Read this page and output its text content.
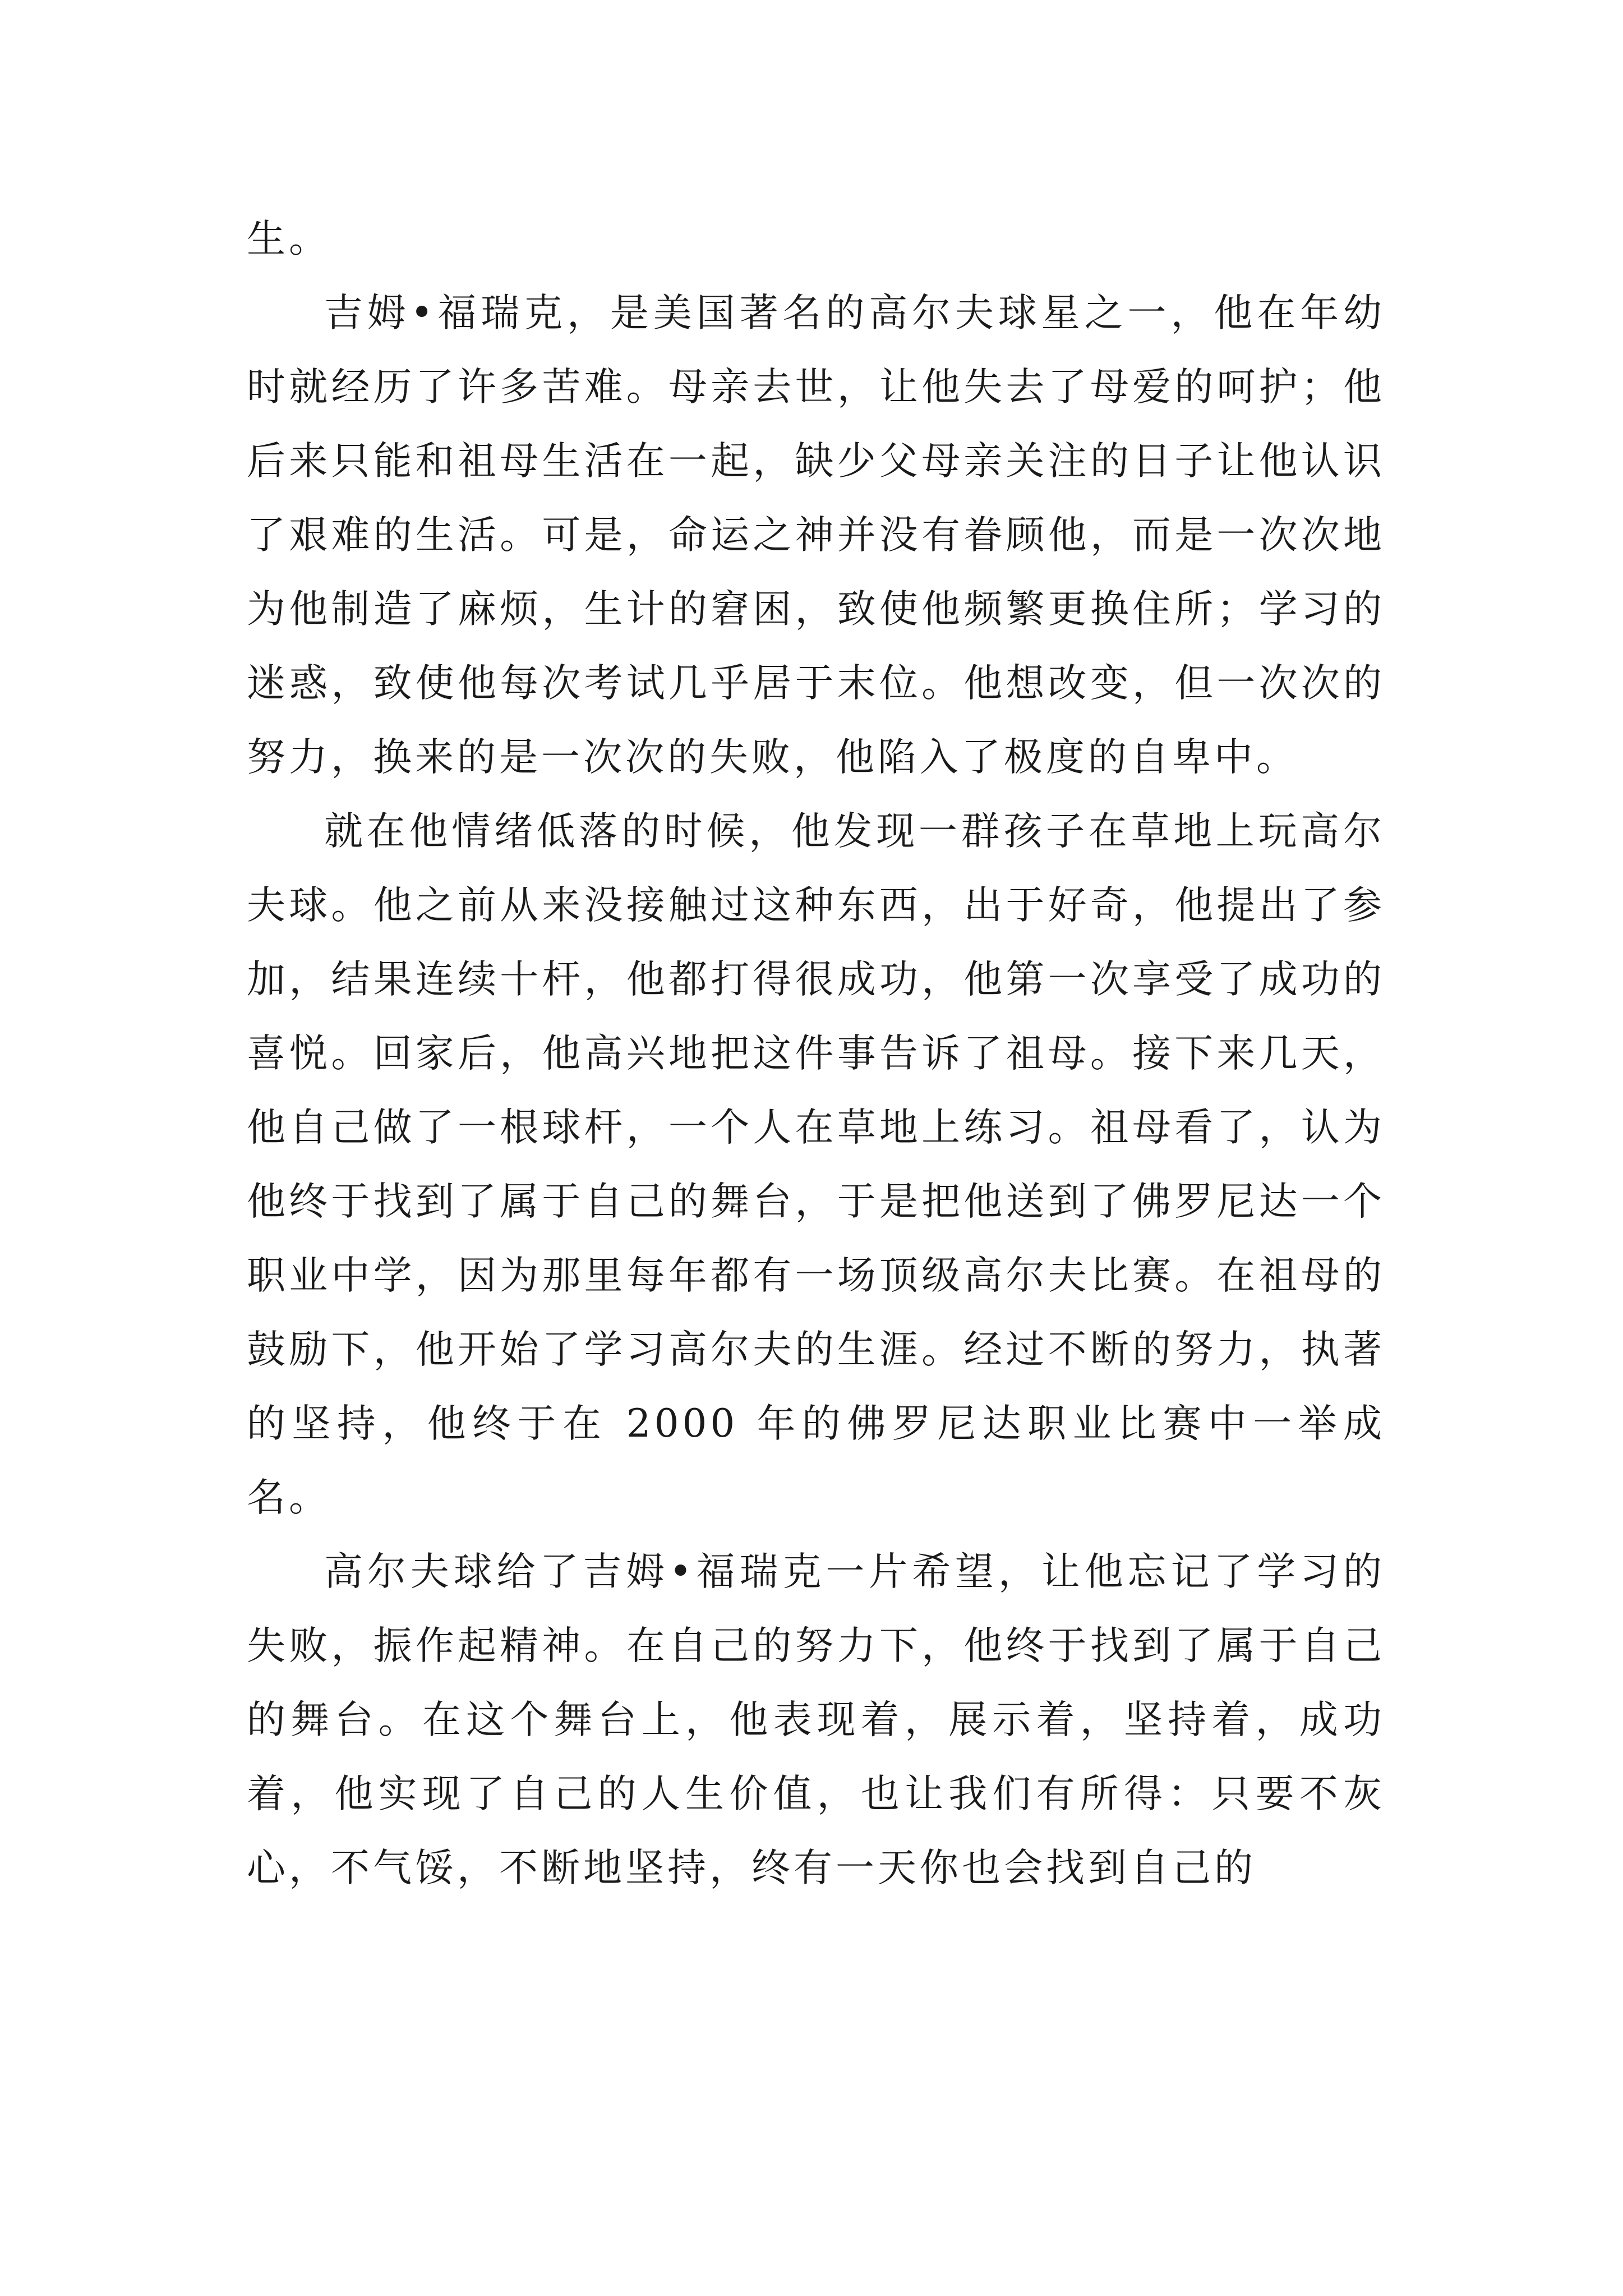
生。

吉姆•福瑞克，是美国著名的高尔夫球星之一，他在年幼时就经历了许多苦难。母亲去世，让他失去了母爱的呵护；他后来只能和祖母生活在一起，缺少父母亲关注的日子让他认识了艰难的生活。可是，命运之神并没有眷顾他，而是一次次地为他制造了麻烦，生计的窘困，致使他频繁更换住所；学习的迷惑，致使他每次考试几乎居于末位。他想改变，但一次次的努力，换来的是一次次的失败，他陷入了极度的自卑中。

就在他情绪低落的时候，他发现一群孩子在草地上玩高尔夫球。他之前从来没接触过这种东西，出于好奇，他提出了参加，结果连续十杆，他都打得很成功，他第一次享受了成功的喜悦。回家后，他高兴地把这件事告诉了祖母。接下来几天，他自己做了一根球杆，一个人在草地上练习。祖母看了，认为他终于找到了属于自己的舞台，于是把他送到了佛罗尼达一个职业中学，因为那里每年都有一场顶级高尔夫比赛。在祖母的鼓励下，他开始了学习高尔夫的生涯。经过不断的努力，执著的坚持，他终于在 2000 年的佛罗尼达职业比赛中一举成名。

高尔夫球给了吉姆•福瑞克一片希望，让他忘记了学习的失败，振作起精神。在自己的努力下，他终于找到了属于自己的舞台。在这个舞台上，他表现着，展示着，坚持着，成功着，他实现了自己的人生价值，也让我们有所得：只要不灰心，不气馁，不断地坚持，终有一天你也会找到自己的
